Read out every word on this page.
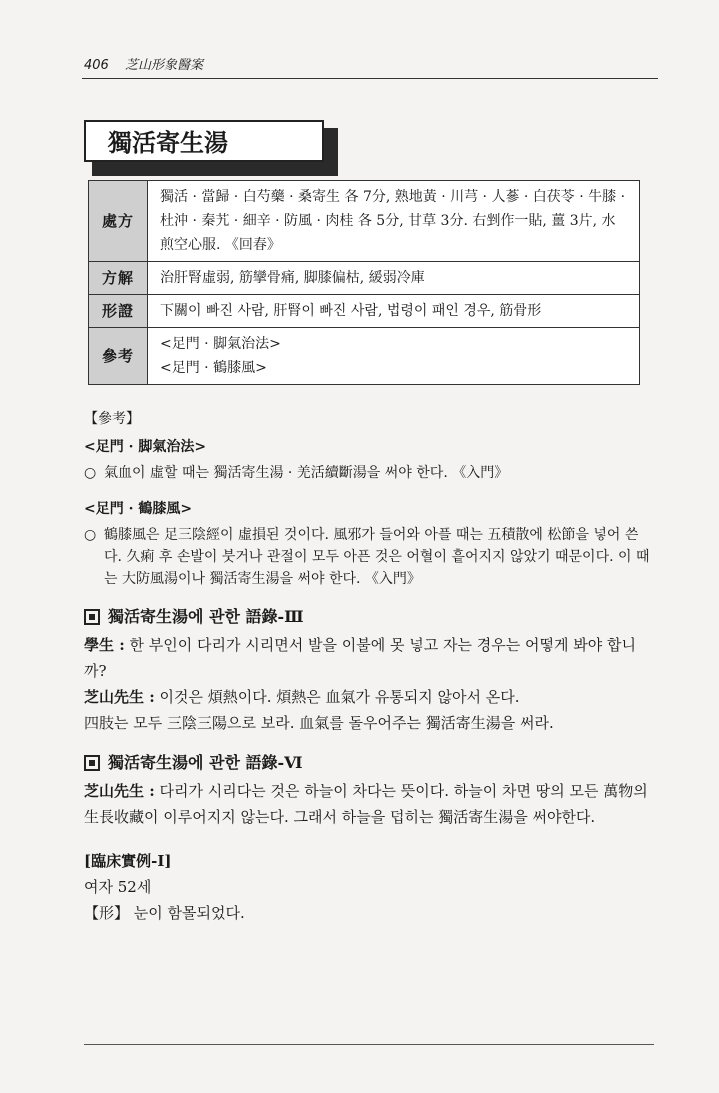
406 芝山形象醫案
獨活寄生湯
處方	獨活 · 當歸 · 白芍藥 · 桑寄生 各 7分, 熟地黃 · 川芎 · 人蔘 · 白茯苓 · 牛膝 · 杜沖 · 秦艽 · 細辛 · 防風 · 肉桂 各 5分, 甘草 3分. 右剉作一貼, 薑 3片, 水煎空心服. 《回春》
方解	治肝腎虛弱, 筋攣骨痛, 脚膝偏枯, 緩弱冷庫
形證	下關이 빠진 사람, 肝腎이 빠진 사람, 법령이 패인 경우, 筋骨形
參考	<足門 · 脚氣治法>
<足門 · 鶴膝風>
【參考】
<足門 · 脚氣治法>
○ 氣血이 虛할 때는 獨活寄生湯 · 羌活續斷湯을 써야 한다. 《入門》
<足門 · 鶴膝風>
○ 鶴膝風은 足三陰經이 虛損된 것이다. 風邪가 들어와 아플 때는 五積散에 松節을 넣어 쓴다. 久痢 후 손발이 붓거나 관절이 모두 아픈 것은 어혈이 흩어지지 않았기 때문이다. 이 때는 大防風湯이나 獨活寄生湯을 써야 한다. 《入門》
獨活寄生湯에 관한 語錄-Ⅲ
學生 : 한 부인이 다리가 시리면서 발을 이불에 못 넣고 자는 경우는 어떻게 봐야 합니까?
芝山先生 : 이것은 煩熱이다. 煩熱은 血氣가 유통되지 않아서 온다.
四肢는 모두 三陰三陽으로 보라. 血氣를 돌우어주는 獨活寄生湯을 써라.
獨活寄生湯에 관한 語錄-Ⅵ
芝山先生 : 다리가 시리다는 것은 하늘이 차다는 뜻이다. 하늘이 차면 땅의 모든 萬物의 生長收藏이 이루어지지 않는다. 그래서 하늘을 덥히는 獨活寄生湯을 써야한다.
[臨床實例-Ⅰ]
여자 52세
【形】 눈이 함몰되었다.
